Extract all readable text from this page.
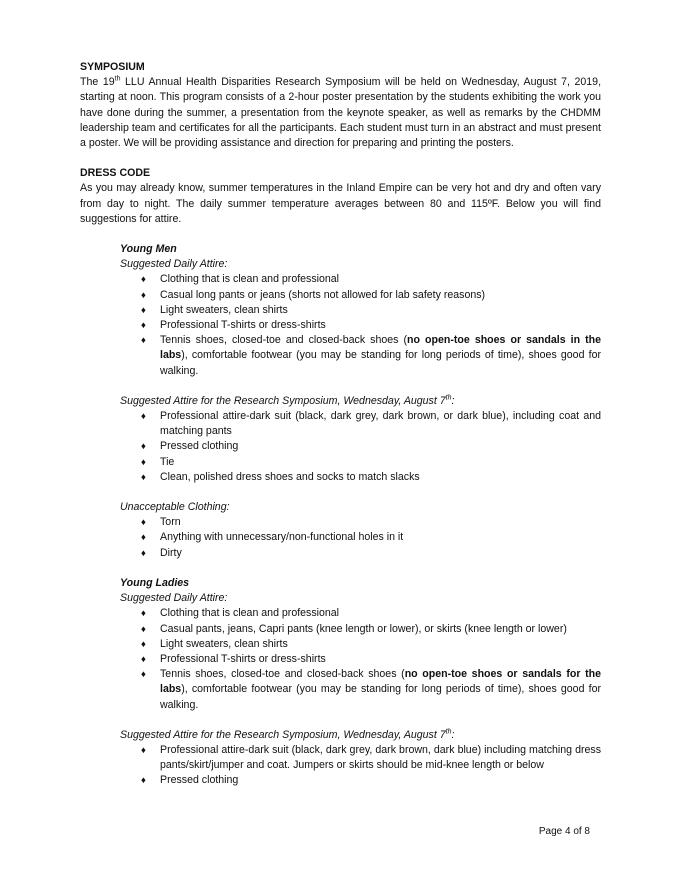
SYMPOSIUM

The 19th LLU Annual Health Disparities Research Symposium will be held on Wednesday, August 7, 2019, starting at noon. This program consists of a 2-hour poster presentation by the students exhibiting the work you have done during the summer, a presentation from the keynote speaker, as well as remarks by the CHDMM leadership team and certificates for all the participants. Each student must turn in an abstract and must present a poster. We will be providing assistance and direction for preparing and printing the posters.

DRESS CODE

As you may already know, summer temperatures in the Inland Empire can be very hot and dry and often vary from day to night. The daily summer temperature averages between 80 and 115ºF. Below you will find suggestions for attire.

Young Men

Suggested Daily Attire:

♦ Clothing that is clean and professional
♦ Casual long pants or jeans (shorts not allowed for lab safety reasons)
♦ Light sweaters, clean shirts
♦ Professional T-shirts or dress-shirts
♦ Tennis shoes, closed-toe and closed-back shoes (no open-toe shoes or sandals in the labs), comfortable footwear (you may be standing for long periods of time), shoes good for walking.

Suggested Attire for the Research Symposium, Wednesday, August 7th:

♦ Professional attire-dark suit (black, dark grey, dark brown, or dark blue), including coat and matching pants
♦ Pressed clothing
♦ Tie
♦ Clean, polished dress shoes and socks to match slacks

Unacceptable Clothing:

♦ Torn
♦ Anything with unnecessary/non-functional holes in it
♦ Dirty

Young Ladies

Suggested Daily Attire:

♦ Clothing that is clean and professional
♦ Casual pants, jeans, Capri pants (knee length or lower), or skirts (knee length or lower)
♦ Light sweaters, clean shirts
♦ Professional T-shirts or dress-shirts
♦ Tennis shoes, closed-toe and closed-back shoes (no open-toe shoes or sandals for the labs), comfortable footwear (you may be standing for long periods of time), shoes good for walking.

Suggested Attire for the Research Symposium, Wednesday, August 7th:

♦ Professional attire-dark suit (black, dark grey, dark brown, dark blue) including matching dress pants/skirt/jumper and coat. Jumpers or skirts should be mid-knee length or below
♦ Pressed clothing
Page 4 of 8
